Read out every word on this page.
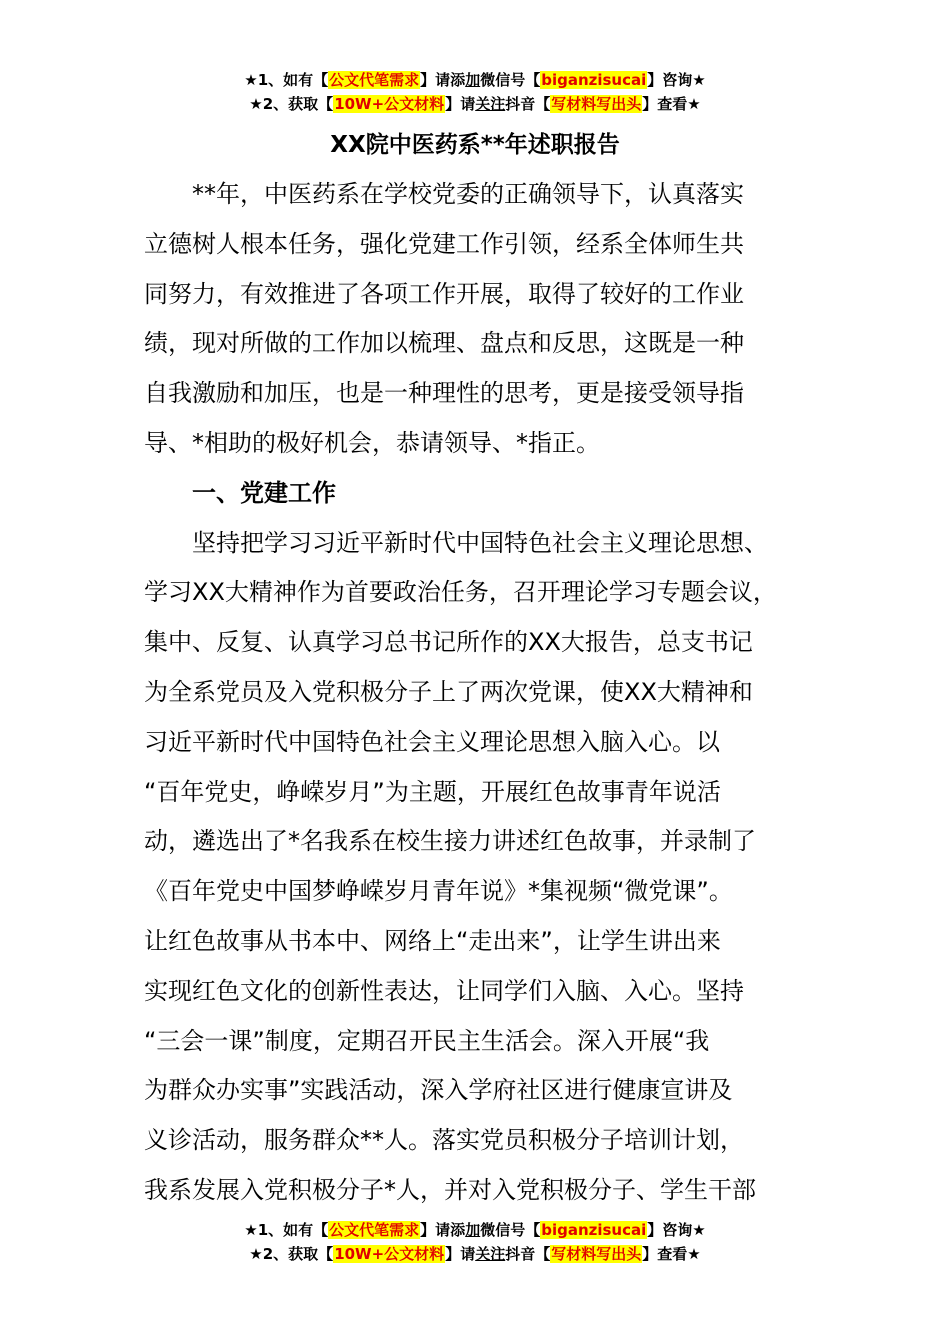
★1、如有【公文代笔需求】请添加微信号【biganzisucai】咨询★
★2、获取【10W+公文材料】请关注抖音【写材料写出头】查看★
XX院中医药系**年述职报告
**年，中医药系在学校党委的正确领导下，认真落实
立德树人根本任务，强化党建工作引领，经系全体师生共
同努力，有效推进了各项工作开展，取得了较好的工作业
绩，现对所做的工作加以梳理、盘点和反思，这既是一种
自我激励和加压，也是一种理性的思考，更是接受领导指
导、*相助的极好机会，恭请领导、*指正。
一、党建工作
坚持把学习习近平新时代中国特色社会主义理论思想、
学习XX大精神作为首要政治任务，召开理论学习专题会议，
集中、反复、认真学习总书记所作的XX大报告，总支书记
为全系党员及入党积极分子上了两次党课，使XX大精神和
习近平新时代中国特色社会主义理论思想入脑入心。以
“百年党史，峥嵘岁月”为主题，开展红色故事青年说活
动，遴选出了*名我系在校生接力讲述红色故事，并录制了
《百年党史中国梦峥嵘岁月青年说》*集视频“微党课”。
让红色故事从书本中、网络上“走出来”，让学生讲出来
实现红色文化的创新性表达，让同学们入脑、入心。坚持
“三会一课”制度，定期召开民主生活会。深入开展“我
为群众办实事”实践活动，深入学府社区进行健康宣讲及
义诊活动，服务群众**人。落实党员积极分子培训计划，
我系发展入党积极分子*人，并对入党积极分子、学生干部
★1、如有【公文代笔需求】请添加微信号【biganzisucai】咨询★
★2、获取【10W+公文材料】请关注抖音【写材料写出头】查看★
